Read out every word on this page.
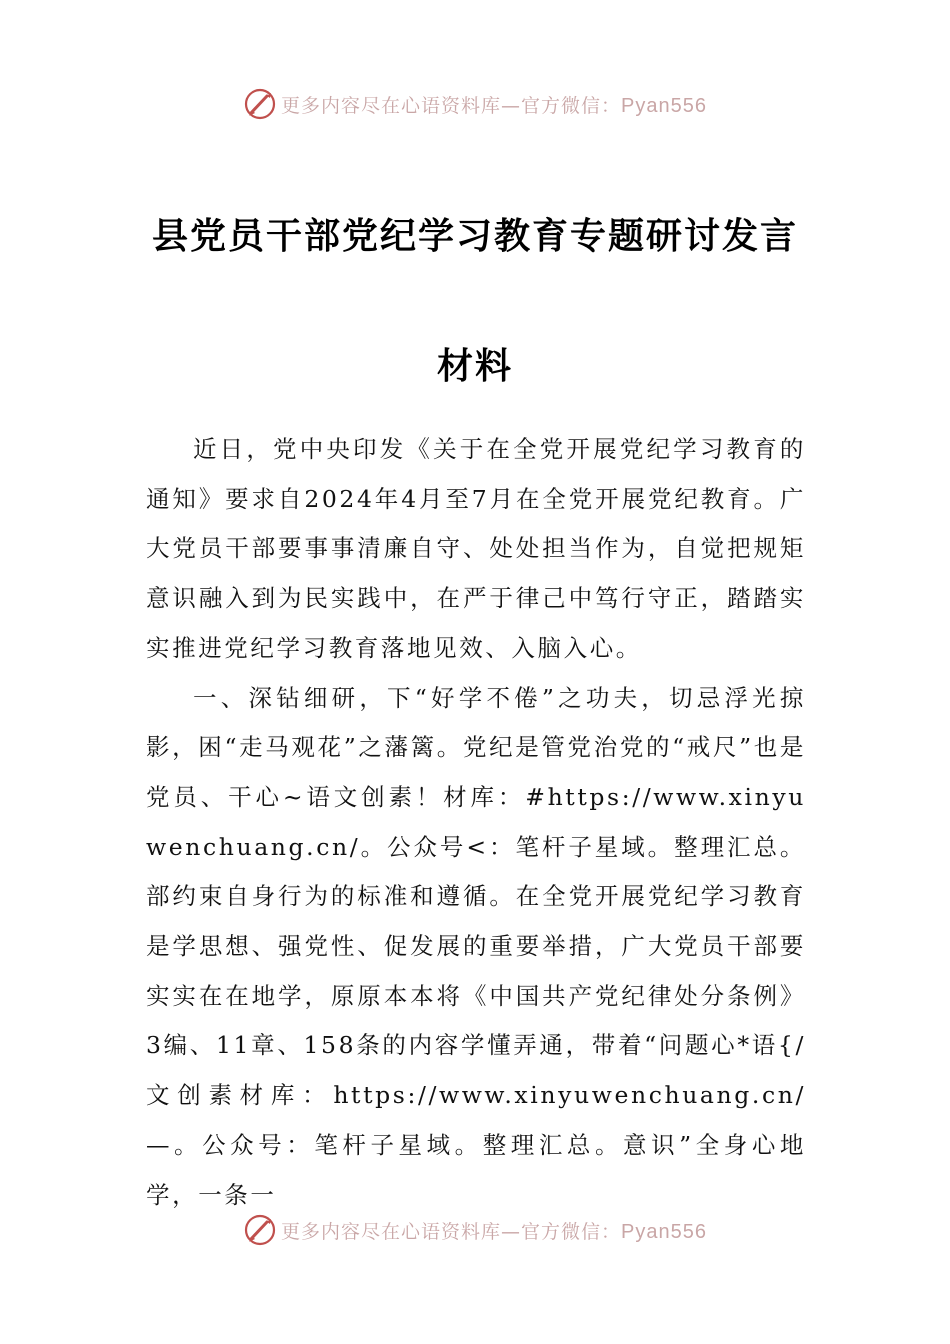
更多内容尽在心语资料库—官方微信：Pyan556
县党员干部党纪学习教育专题研讨发言材料

近日，党中央印发《关于在全党开展党纪学习教育的通知》要求自2024年4月至7月在全党开展党纪教育。广大党员干部要事事清廉自守、处处担当作为，自觉把规矩意识融入到为民实践中，在严于律己中笃行守正，踏踏实实推进党纪学习教育落地见效、入脑入心。

一、深钻细研，下“好学不倦”之功夫，切忌浮光掠影，困“走马观花”之藩篱。党纪是管党治党的“戒尺”也是党员、干心~语文创素！材库：#https://www.xinyuwenchuang.cn/。公众号<：笔杆子星域。整理汇总。部约束自身行为的标准和遵循。在全党开展党纪学习教育是学思想、强党性、促发展的重要举措，广大党员干部要实实在在地学，原原本本将《中国共产党纪律处分条例》3编、11章、158条的内容学懂弄通，带着“问题心*语{/文创素材库：https://www.xinyuwenchuang.cn/—。公众号：笔杆子星域。整理汇总。意识”全身心地学，一条一

更多内容尽在心语资料库—官方微信：Pyan556
